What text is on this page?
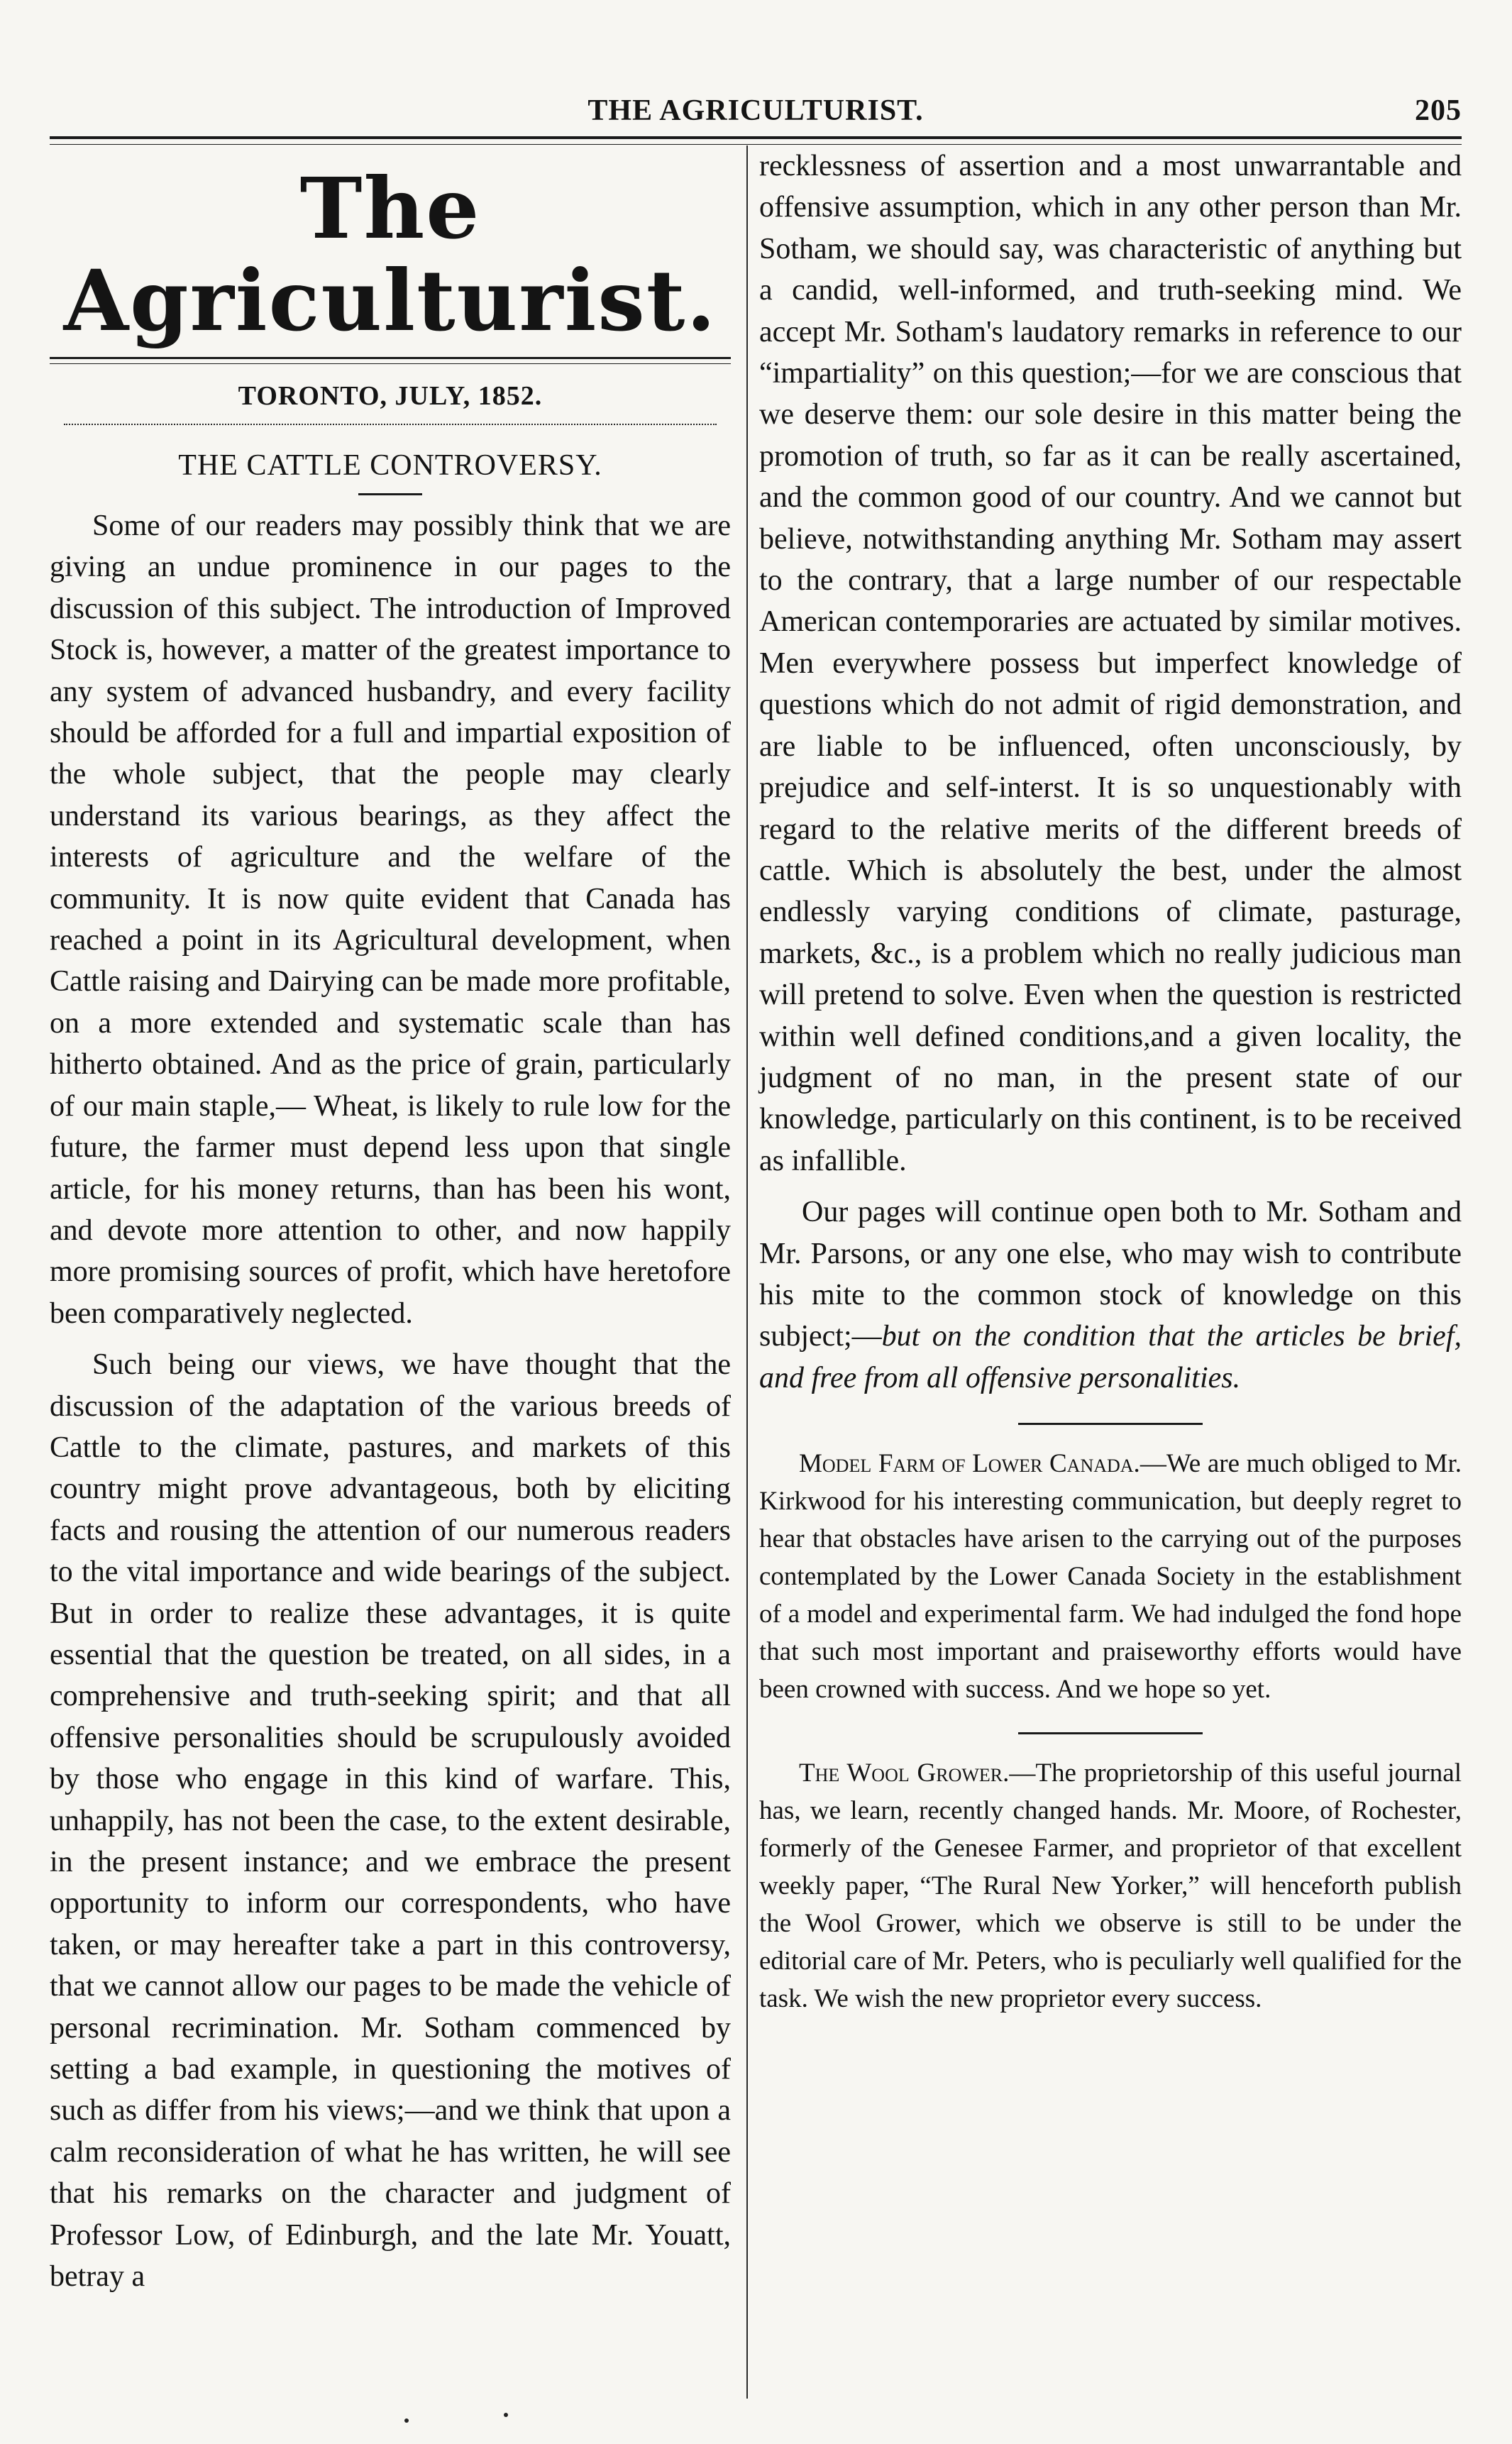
THE AGRICULTURIST.	205
The Agriculturist.
TORONTO, JULY, 1852.
THE CATTLE CONTROVERSY.

Some of our readers may possibly think that we are giving an undue prominence in our pages to the discussion of this subject. The introduction of Improved Stock is, however, a matter of the greatest importance to any system of advanced husbandry, and every facility should be afforded for a full and impartial exposition of the whole subject, that the people may clearly understand its various bearings, as they affect the interests of agriculture and the welfare of the community. It is now quite evident that Canada has reached a point in its Agricultural development, when Cattle raising and Dairying can be made more profitable, on a more extended and systematic scale than has hitherto obtained. And as the price of grain, particularly of our main staple,— Wheat, is likely to rule low for the future, the farmer must depend less upon that single article, for his money returns, than has been his wont, and devote more attention to other, and now happily more promising sources of profit, which have heretofore been comparatively neglected.

Such being our views, we have thought that the discussion of the adaptation of the various breeds of Cattle to the climate, pastures, and markets of this country might prove advantageous, both by eliciting facts and rousing the attention of our numerous readers to the vital importance and wide bearings of the subject. But in order to realize these advantages, it is quite essential that the question be treated, on all sides, in a comprehensive and truth-seeking spirit; and that all offensive personalities should be scrupulously avoided by those who engage in this kind of warfare. This, unhappily, has not been the case, to the extent desirable, in the present instance; and we embrace the present opportunity to inform our correspondents, who have taken, or may hereafter take a part in this controversy, that we cannot allow our pages to be made the vehicle of personal recrimination. Mr. Sotham commenced by setting a bad example, in questioning the motives of such as differ from his views;—and we think that upon a calm reconsideration of what he has written, he will see that his remarks on the character and judgment of Professor Low, of Edinburgh, and the late Mr. Youatt, betray a

recklessness of assertion and a most unwarrantable and offensive assumption, which in any other person than Mr. Sotham, we should say, was characteristic of anything but a candid, well-informed, and truth-seeking mind. We accept Mr. Sotham's laudatory remarks in reference to our “impartiality” on this question;—for we are conscious that we deserve them: our sole desire in this matter being the promotion of truth, so far as it can be really ascertained, and the common good of our country. And we cannot but believe, notwithstanding anything Mr. Sotham may assert to the contrary, that a large number of our respectable American contemporaries are actuated by similar motives. Men everywhere possess but imperfect knowledge of questions which do not admit of rigid demonstration, and are liable to be influenced, often unconsciously, by prejudice and self-interst. It is so unquestionably with regard to the relative merits of the different breeds of cattle. Which is absolutely the best, under the almost endlessly varying conditions of climate, pasturage, markets, &c., is a problem which no really judicious man will pretend to solve. Even when the question is restricted within well defined conditions,and a given locality, the judgment of no man, in the present state of our knowledge, particularly on this continent, is to be received as infallible.

Our pages will continue open both to Mr. Sotham and Mr. Parsons, or any one else, who may wish to contribute his mite to the common stock of knowledge on this subject;—but on the condition that the articles be brief, and free from all offensive personalities.

Model Farm of Lower Canada.—We are much obliged to Mr. Kirkwood for his interesting communication, but deeply regret to hear that obstacles have arisen to the carrying out of the purposes contemplated by the Lower Canada Society in the establishment of a model and experimental farm. We had indulged the fond hope that such most important and praiseworthy efforts would have been crowned with success. And we hope so yet.
The Wool Grower.—The proprietorship of this useful journal has, we learn, recently changed hands. Mr. Moore, of Rochester, formerly of the Genesee Farmer, and proprietor of that excellent weekly paper, “The Rural New Yorker,” will henceforth publish the Wool Grower, which we observe is still to be under the editorial care of Mr. Peters, who is peculiarly well qualified for the task. We wish the new proprietor every success.
